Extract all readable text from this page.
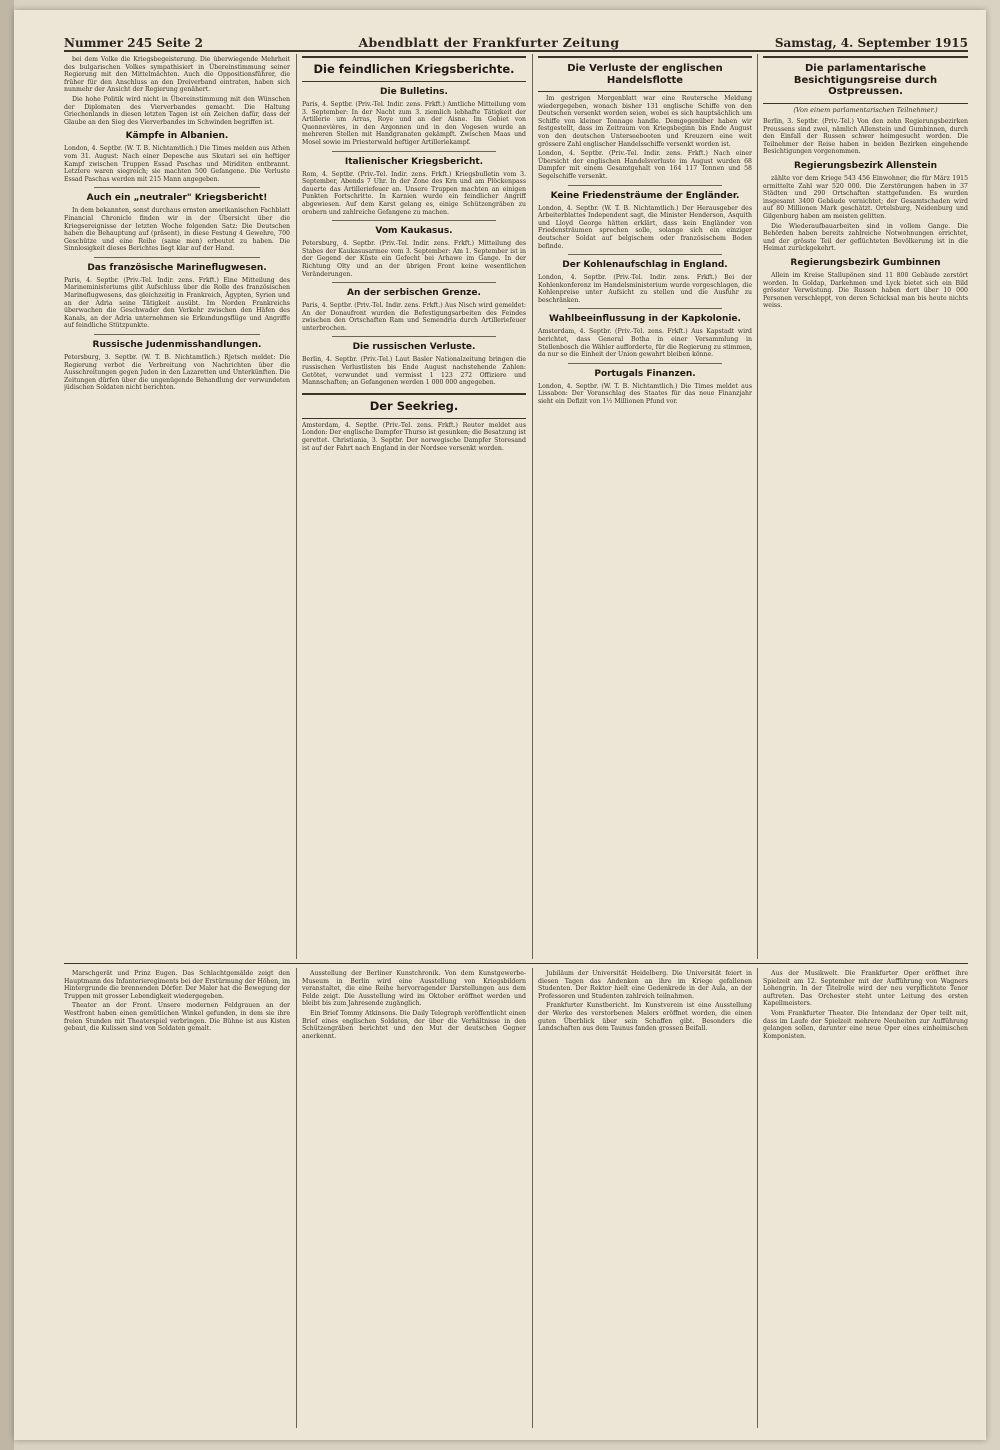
Nummer 245 Seite 2	Abendblatt der Frankfurter Zeitung	Samstag, 4. September 1915

bei dem Volke die Kriegsbegeisterung. Die überwiegende Mehrheit des bulgarischen Volkes sympathisiert in Übereinstimmung seiner Regierung mit den Mittelmächten. Auch die Oppositionsführer, die früher für den Anschluss an den Dreiverband eintraten, haben sich nunmehr der Ansicht der Regierung genähert.

Die hohe Politik wird nicht in Übereinstimmung mit den Wünschen der Diplomaten des Vierverbandes gemacht. Die Haltung Griechenlands in diesen letzten Tagen ist ein Zeichen dafür, dass der Glaube an den Sieg des Vierverbandes im Schwinden begriffen ist.

Kämpfe in Albanien.

London, 4. Septbr. (W. T. B. Nichtamtlich.) Die Times melden aus Athen vom 31. August: Nach einer Depesche aus Skutari sei ein heftiger Kampf zwischen Truppen Essad Paschas und Miriditen entbrannt. Letztere waren siegreich; sie machten 500 Gefangene. Die Verluste Essad Paschas werden mit 215 Mann angegeben.

Auch ein „neutraler" Kriegsbericht!

In dem bekannten, sonst durchaus ernsten amerikanischen Fachblatt Financial Chronicle finden wir in der Übersicht über die Kriegsereignisse der letzten Woche folgenden Satz: Die Deutschen haben die Behauptung auf (präsent), in diese Festung 4 Gewehre, 700 Geschütze und eine Reihe (same men) erbeutet zu haben. Die Sinnlosigkeit dieses Berichtes liegt klar auf der Hand.

Das französische Marineflugwesen.

Paris, 4. Septbr. (Priv.-Tel. Indir. zens. Frkft.) Eine Mitteilung des Marineministeriums gibt Aufschluss über die Rolle des französischen Marineflugwesens, das gleichzeitig in Frankreich, Ägypten, Syrien und an der Adria seine Tätigkeit ausübt. Im Norden Frankreichs überwachen die Geschwader den Verkehr zwischen den Häfen des Kanals, an der Adria unternehmen sie Erkundungsflüge und Angriffe auf feindliche Stützpunkte.

Russische Judenmisshandlungen.

Petersburg, 3. Septbr. (W. T. B. Nichtamtlich.) Rjetsch meldet: Die Regierung verbot die Verbreitung von Nachrichten über die Ausschreitungen gegen Juden in den Lazaretten und Unterkünften. Die Zeitungen dürfen über die ungenügende Behandlung der verwundeten jüdischen Soldaten nicht berichten.

Die feindlichen Kriegsberichte.
Die Bulletins.

Paris, 4. Septbr. (Priv.-Tel. Indir. zens. Frkft.) Amtliche Mitteilung vom 3. September: In der Nacht zum 3. ziemlich lebhafte Tätigkeit der Artillerie um Arras, Roye und an der Aisne. Im Gebiet von Quennevières, in den Argonnen und in den Vogesen wurde an mehreren Stellen mit Handgranaten gekämpft. Zwischen Maas und Mosel sowie im Priesterwald heftiger Artilleriekampf.

Italienischer Kriegsbericht.

Rom, 4. Septbr. (Priv.-Tel. Indir. zens. Frkft.) Kriegsbulletin vom 3. September, Abends 7 Uhr. In der Zone des Krn und am Plöckenpass dauerte das Artilleriefeuer an. Unsere Truppen machten an einigen Punkten Fortschritte. In Karnien wurde ein feindlicher Angriff abgewiesen. Auf dem Karst gelang es, einige Schützengräben zu erobern und zahlreiche Gefangene zu machen.

Vom Kaukasus.

Petersburg, 4. Septbr. (Priv.-Tel. Indir. zens. Frkft.) Mitteilung des Stabes der Kaukasusarmee vom 3. September: Am 1. September ist in der Gegend der Küste ein Gefecht bei Arhawe im Gange. In der Richtung Olty und an der übrigen Front keine wesentlichen Veränderungen.

An der serbischen Grenze.

Paris, 4. Septbr. (Priv.-Tel. Indir. zens. Frkft.) Aus Nisch wird gemeldet: An der Donaufront wurden die Befestigungsarbeiten des Feindes zwischen den Ortschaften Ram und Semendria durch Artilleriefeuer unterbrochen.

Die russischen Verluste.

Berlin, 4. Septbr. (Priv.-Tel.) Laut Basler Nationalzeitung bringen die russischen Verlustlisten bis Ende August nachstehende Zahlen: Getötet, verwundet und vermisst 1 123 272 Offiziere und Mannschaften; an Gefangenen werden 1 000 000 angegeben.

Der Seekrieg.

Amsterdam, 4. Septbr. (Priv.-Tel. zens. Frkft.) Reuter meldet aus London: Der englische Dampfer Thurso ist gesunken; die Besatzung ist gerettet. Christiania, 3. Septbr. Der norwegische Dampfer Storesand ist auf der Fahrt nach England in der Nordsee versenkt worden.

Die Verluste der englischen Handelsflotte

Im gestrigen Morgenblatt war eine Reutersche Meldung wiedergegeben, wonach bisher 131 englische Schiffe von den Deutschen versenkt worden seien, wobei es sich hauptsächlich um Schiffe von kleiner Tonnage handle. Demgegenüber haben wir festgestellt, dass im Zeitraum von Kriegsbeginn bis Ende August von den deutschen Unterseebooten und Kreuzern eine weit grössere Zahl englischer Handelsschiffe versenkt worden ist.

London, 4. Septbr. (Priv.-Tel. Indir. zens. Frkft.) Nach einer Übersicht der englischen Handelsverluste im August wurden 68 Dampfer mit einem Gesamtgehalt von 164 117 Tonnen und 58 Segelschiffe versenkt.

Keine Friedensträume der Engländer.

London, 4. Septbr. (W. T. B. Nichtamtlich.) Der Herausgeber des Arbeiterblattes Independent sagt, die Minister Henderson, Asquith und Lloyd George hätten erklärt, dass kein Engländer von Friedensträumen sprechen solle, solange sich ein einziger deutscher Soldat auf belgischem oder französischem Boden befinde.

Der Kohlenaufschlag in England.

London, 4. Septbr. (Priv.-Tel. Indir. zens. Frkft.) Bei der Kohlenkonferenz im Handelsministerium wurde vorgeschlagen, die Kohlenpreise unter Aufsicht zu stellen und die Ausfuhr zu beschränken.

Wahlbeeinflussung in der Kapkolonie.

Amsterdam, 4. Septbr. (Priv.-Tel. zens. Frkft.) Aus Kapstadt wird berichtet, dass General Botha in einer Versammlung in Stellenbosch die Wähler aufforderte, für die Regierung zu stimmen, da nur so die Einheit der Union gewahrt bleiben könne.

Portugals Finanzen.

London, 4. Septbr. (W. T. B. Nichtamtlich.) Die Times meldet aus Lissabon: Der Voranschlag des Staates für das neue Finanzjahr sieht ein Defizit von 1½ Millionen Pfund vor.

Die parlamentarische Besichtigungsreise durch Ostpreussen.
(Von einem parlamentarischen Teilnehmer.)

Berlin, 3. Septbr. (Priv.-Tel.) Von den zehn Regierungsbezirken Preussens sind zwei, nämlich Allenstein und Gumbinnen, durch den Einfall der Russen schwer heimgesucht worden. Die Teilnehmer der Reise haben in beiden Bezirken eingehende Besichtigungen vorgenommen.

Regierungsbezirk Allenstein

zählte vor dem Kriege 543 456 Einwohner, die für März 1915 ermittelte Zahl war 520 000. Die Zerstörungen haben in 37 Städten und 290 Ortschaften stattgefunden. Es wurden insgesamt 3400 Gebäude vernichtet; der Gesamtschaden wird auf 80 Millionen Mark geschätzt. Ortelsburg, Neidenburg und Gilgenburg haben am meisten gelitten.

Die Wiederaufbauarbeiten sind in vollem Gange. Die Behörden haben bereits zahlreiche Notwohnungen errichtet, und der grösste Teil der geflüchteten Bevölkerung ist in die Heimat zurückgekehrt.

Regierungsbezirk Gumbinnen

Allein im Kreise Stallupönen sind 11 800 Gebäude zerstört worden. In Goldap, Darkehmen und Lyck bietet sich ein Bild grösster Verwüstung. Die Russen haben dort über 10 000 Personen verschleppt, von deren Schicksal man bis heute nichts weiss.

Marschgerät und Prinz Eugen. Das Schlachtgemälde zeigt den Hauptmann des Infanterieregiments bei der Erstürmung der Höhen, im Hintergrunde die brennenden Dörfer. Der Maler hat die Bewegung der Truppen mit grosser Lebendigkeit wiedergegeben.

Theater an der Front. Unsere modernen Feldgrauen an der Westfront haben einen gemütlichen Winkel gefunden, in dem sie ihre freien Stunden mit Theaterspiel verbringen. Die Bühne ist aus Kisten gebaut, die Kulissen sind von Soldaten gemalt.

Ausstellung der Berliner Kunstchronik. Von dem Kunstgewerbe-Museum in Berlin wird eine Ausstellung von Kriegsbildern veranstaltet, die eine Reihe hervorragender Darstellungen aus dem Felde zeigt. Die Ausstellung wird im Oktober eröffnet werden und bleibt bis zum Jahresende zugänglich.

Ein Brief Tommy Atkinsons. Die Daily Telegraph veröffentlicht einen Brief eines englischen Soldaten, der über die Verhältnisse in den Schützengräben berichtet und den Mut der deutschen Gegner anerkennt.

Jubiläum der Universität Heidelberg. Die Universität feiert in diesen Tagen das Andenken an ihre im Kriege gefallenen Studenten. Der Rektor hielt eine Gedenkrede in der Aula, an der Professoren und Studenten zahlreich teilnahmen.

Frankfurter Kunstbericht. Im Kunstverein ist eine Ausstellung der Werke des verstorbenen Malers eröffnet worden, die einen guten Überblick über sein Schaffen gibt. Besonders die Landschaften aus dem Taunus fanden grossen Beifall.

Aus der Musikwelt. Die Frankfurter Oper eröffnet ihre Spielzeit am 12. September mit der Aufführung von Wagners Lohengrin. In der Titelrolle wird der neu verpflichtete Tenor auftreten. Das Orchester steht unter Leitung des ersten Kapellmeisters.

Vom Frankfurter Theater. Die Intendanz der Oper teilt mit, dass im Laufe der Spielzeit mehrere Neuheiten zur Aufführung gelangen sollen, darunter eine neue Oper eines einheimischen Komponisten.
